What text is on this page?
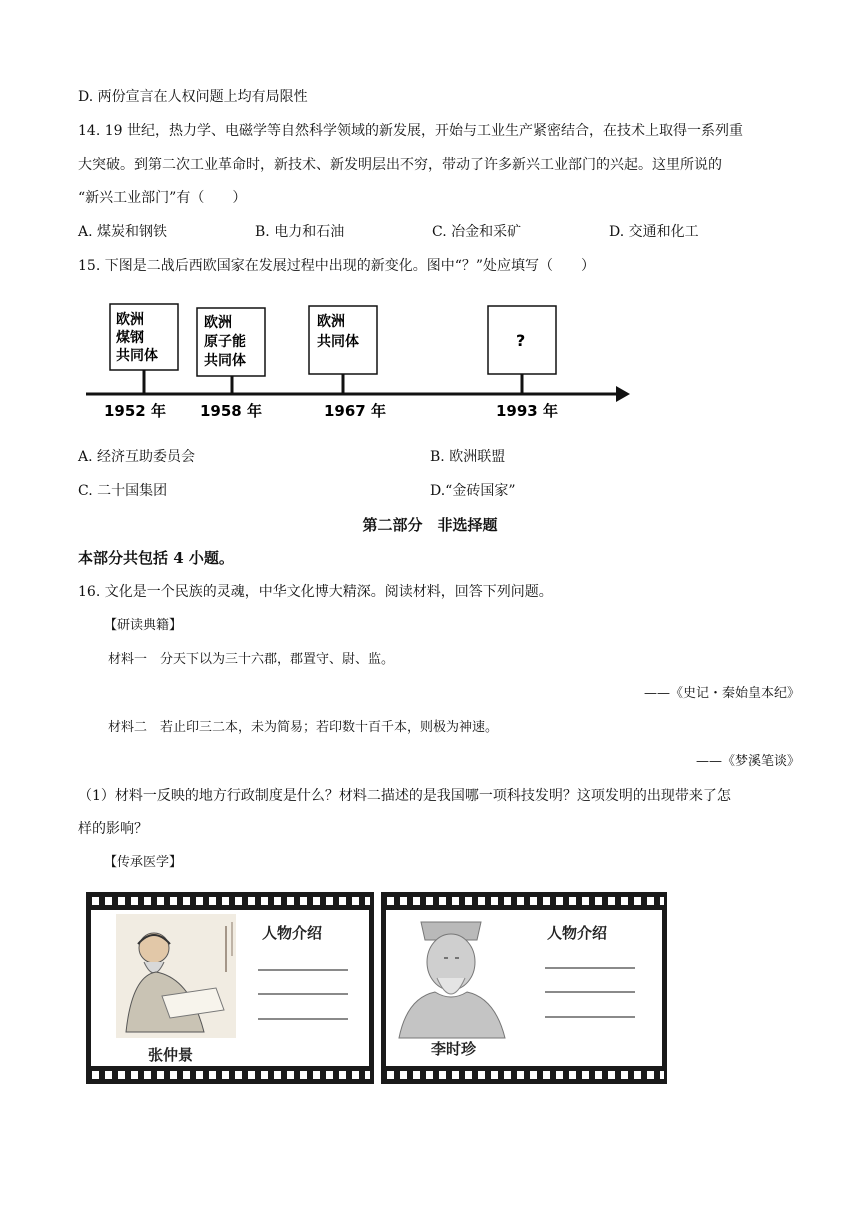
D. 两份宣言在人权问题上均有局限性
14. 19 世纪，热力学、电磁学等自然科学领域的新发展，开始与工业生产紧密结合，在技术上取得一系列重
大突破。到第二次工业革命时，新技术、新发明层出不穷，带动了许多新兴工业部门的兴起。这里所说的
“新兴工业部门”有（　　）
A. 煤炭和钢铁	B. 电力和石油	C. 冶金和采矿	D. 交通和化工
15. 下图是二战后西欧国家在发展过程中出现的新变化。图中“？”处应填写（　　）
欧洲
煤钢
共同体
1952 年
欧洲
原子能
共同体
1958 年
欧洲
共同体
1967 年
?
1993 年
A. 经济互助委员会	B. 欧洲联盟
C. 二十国集团	D.“金砖国家”
第二部分　非选择题
本部分共包括 4 小题。
16. 文化是一个民族的灵魂，中华文化博大精深。阅读材料，回答下列问题。
【研读典籍】
材料一　分天下以为三十六郡，郡置守、尉、监。
——《史记・秦始皇本纪》
材料二　若止印三二本，未为简易；若印数十百千本，则极为神速。
——《梦溪笔谈》
（1）材料一反映的地方行政制度是什么？材料二描述的是我国哪一项科技发明？这项发明的出现带来了怎
样的影响？
【传承医学】
人物介绍
张仲景
人物介绍
李时珍
